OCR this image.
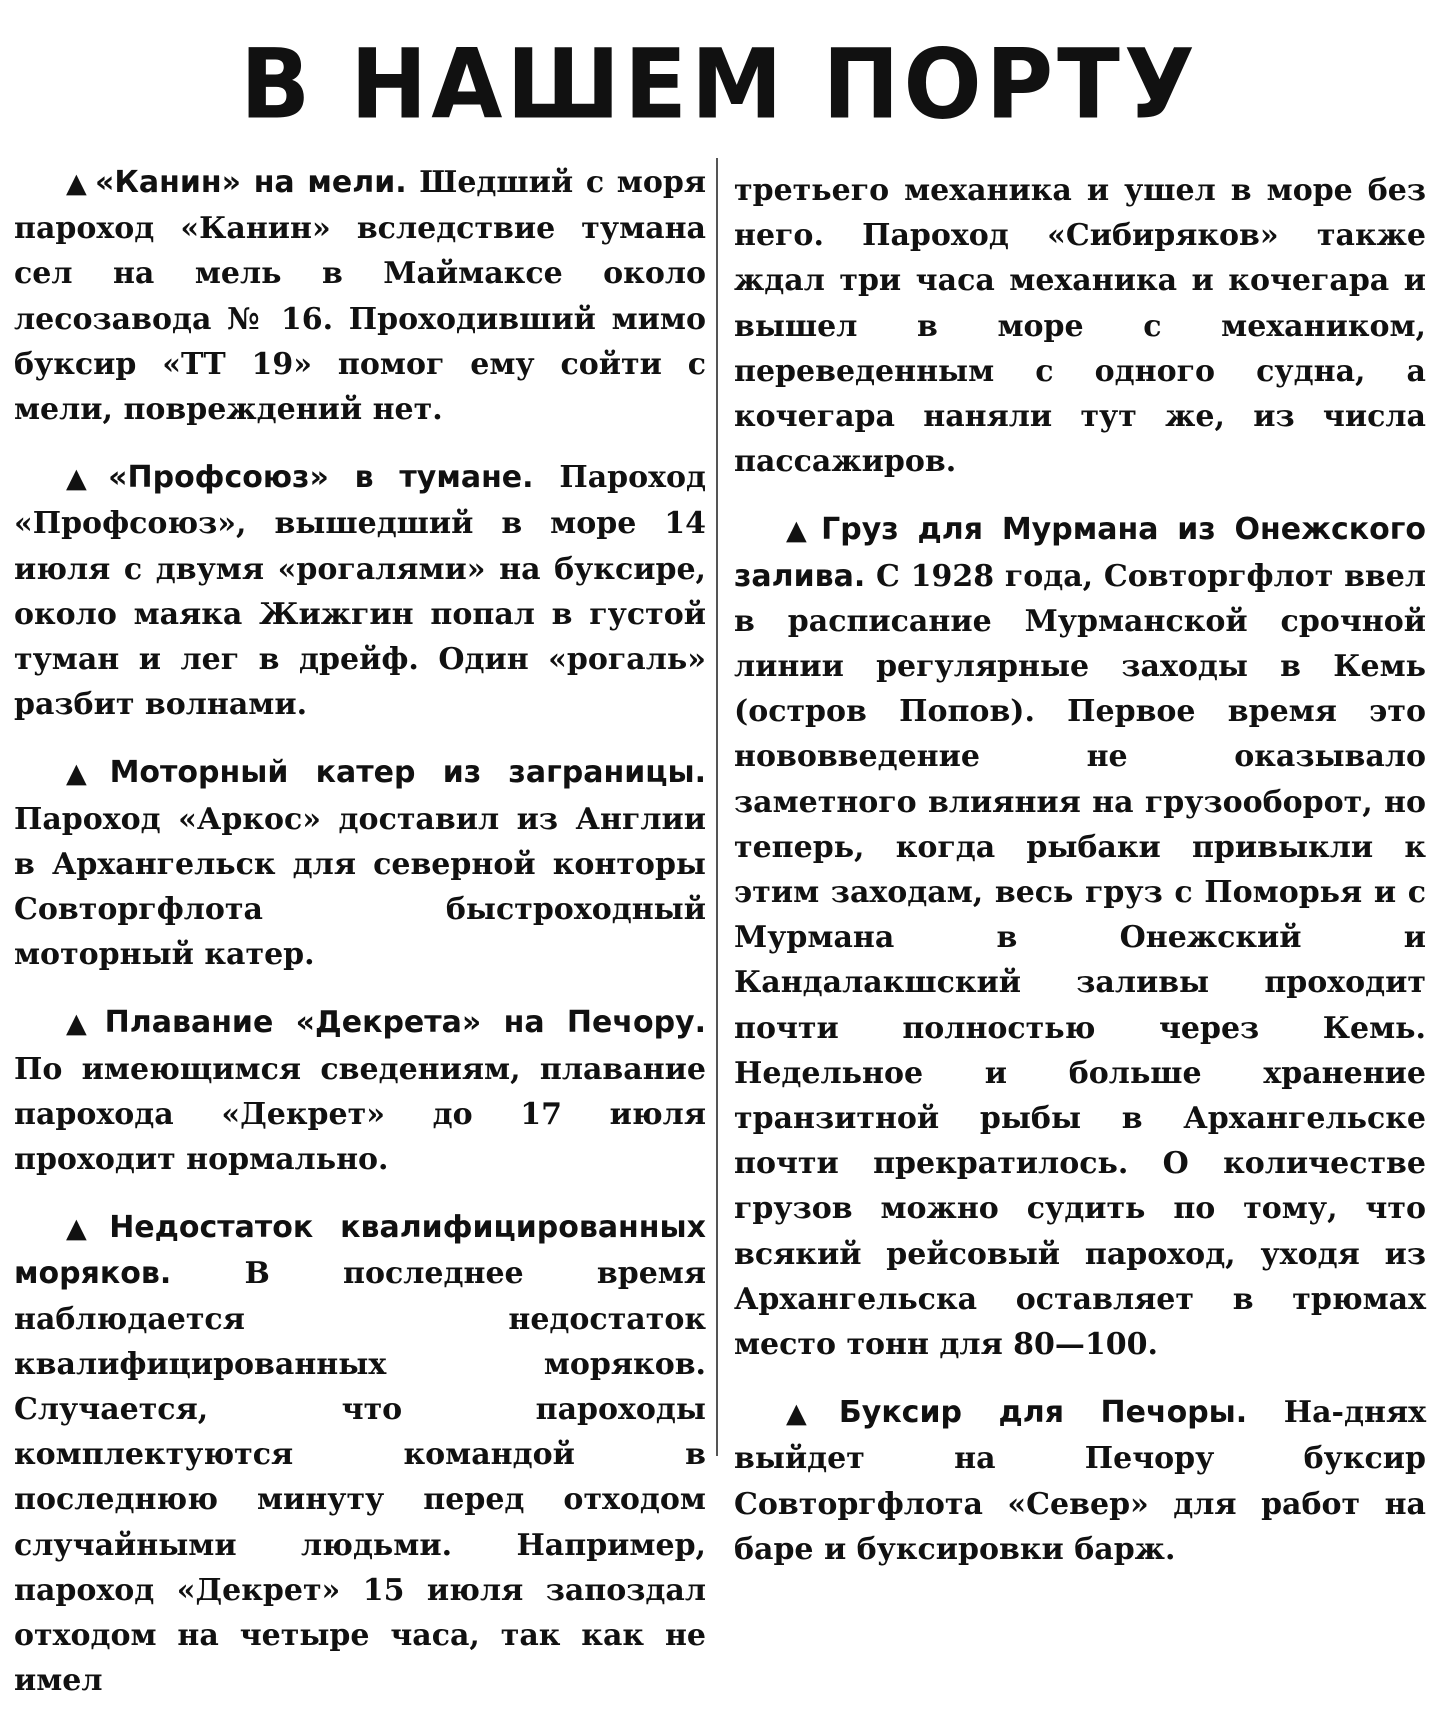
В НАШЕМ ПОРТУ

▲ «Канин» на мели. Шедший с моря пароход «Канин» вследствие тумана сел на мель в Маймаксе около лесозавода № 16. Проходивший мимо буксир «ТТ 19» помог ему сойти с мели, повреждений нет.

▲ «Профсоюз» в тумане. Пароход «Профсоюз», вышедший в море 14 июля с двумя «рогалями» на буксире, около маяка Жижгин попал в густой туман и лег в дрейф. Один «рогаль» разбит волнами.

▲ Моторный катер из заграницы. Пароход «Аркос» доставил из Англии в Архангельск для северной конторы Совторгфлота быстроходный моторный катер.

▲ Плавание «Декрета» на Печору. По имеющимся сведениям, плавание парохода «Декрет» до 17 июля проходит нормально.

▲ Недостаток квалифицированных моряков. В последнее время наблюдается недостаток квалифицированных моряков. Случается, что пароходы комплектуются командой в последнюю минуту перед отходом случайными людьми. Например, пароход «Декрет» 15 июля запоздал отходом на четыре часа, так как не имел

третьего механика и ушел в море без него. Пароход «Сибиряков» также ждал три часа механика и кочегара и вышел в море с механиком, переведенным с одного судна, а кочегара наняли тут же, из числа пассажиров.

▲ Груз для Мурмана из Онежского залива. С 1928 года, Совторгфлот ввел в расписание Мурманской срочной линии регулярные заходы в Кемь (остров Попов). Первое время это нововведение не оказывало заметного влияния на грузооборот, но теперь, когда рыбаки привыкли к этим заходам, весь груз с Поморья и с Мурмана в Онежский и Кандалакшский заливы проходит почти полностью через Кемь. Недельное и больше хранение транзитной рыбы в Архангельске почти прекратилось. О количестве грузов можно судить по тому, что всякий рейсовый пароход, уходя из Архангельска оставляет в трюмах место тонн для 80—100.

▲ Буксир для Печоры. На-днях выйдет на Печору буксир Совторгфлота «Север» для работ на баре и буксировки барж.
